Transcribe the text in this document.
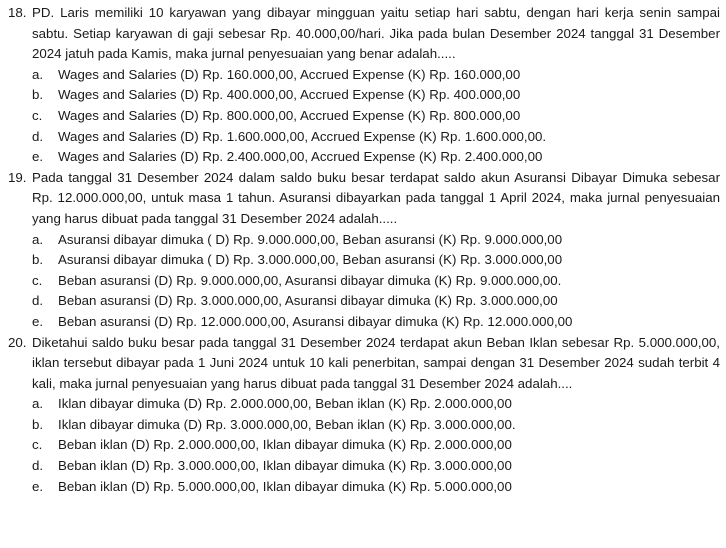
18. PD. Laris memiliki 10 karyawan yang dibayar mingguan yaitu setiap hari sabtu, dengan hari kerja senin sampai sabtu. Setiap karyawan di gaji sebesar Rp. 40.000,00/hari. Jika pada bulan Desember 2024 tanggal 31 Desember 2024 jatuh pada Kamis, maka jurnal penyesuaian yang benar adalah.....
a.	Wages and Salaries (D) Rp. 160.000,00, Accrued Expense (K) Rp. 160.000,00
b.	Wages and Salaries (D) Rp. 400.000,00, Accrued Expense (K) Rp. 400.000,00
c.	Wages and Salaries (D) Rp. 800.000,00, Accrued Expense (K) Rp. 800.000,00
d.	Wages and Salaries (D) Rp. 1.600.000,00, Accrued Expense (K) Rp. 1.600.000,00.
e.	Wages and Salaries (D) Rp. 2.400.000,00, Accrued Expense (K) Rp. 2.400.000,00
19. Pada tanggal 31 Desember 2024 dalam saldo buku besar terdapat saldo akun Asuransi Dibayar Dimuka sebesar Rp. 12.000.000,00, untuk masa 1 tahun. Asuransi dibayarkan pada tanggal 1 April 2024, maka jurnal penyesuaian yang harus dibuat pada tanggal 31 Desember 2024 adalah.....
a.	Asuransi dibayar dimuka ( D) Rp. 9.000.000,00, Beban asuransi (K) Rp. 9.000.000,00
b.	Asuransi dibayar dimuka ( D) Rp. 3.000.000,00, Beban asuransi (K) Rp. 3.000.000,00
c.	Beban asuransi (D) Rp. 9.000.000,00, Asuransi dibayar dimuka (K) Rp. 9.000.000,00.
d.	Beban asuransi (D) Rp. 3.000.000,00, Asuransi dibayar dimuka (K) Rp. 3.000.000,00
e.	Beban asuransi (D) Rp. 12.000.000,00, Asuransi dibayar dimuka (K) Rp. 12.000.000,00
20. Diketahui saldo buku besar pada tanggal 31 Desember 2024 terdapat akun Beban Iklan sebesar Rp. 5.000.000,00, iklan tersebut dibayar pada 1 Juni 2024 untuk 10 kali penerbitan, sampai dengan 31 Desember 2024 sudah terbit 4 kali, maka jurnal penyesuaian yang harus dibuat pada tanggal 31 Desember 2024 adalah....
a.	Iklan dibayar dimuka (D) Rp. 2.000.000,00, Beban iklan (K) Rp. 2.000.000,00
b.	Iklan dibayar dimuka (D) Rp. 3.000.000,00, Beban iklan (K) Rp. 3.000.000,00.
c.	Beban iklan (D) Rp. 2.000.000,00, Iklan dibayar dimuka (K) Rp. 2.000.000,00
d.	Beban iklan (D) Rp. 3.000.000,00, Iklan dibayar dimuka (K) Rp. 3.000.000,00
e.	Beban iklan (D) Rp. 5.000.000,00, Iklan dibayar dimuka (K) Rp. 5.000.000,00
